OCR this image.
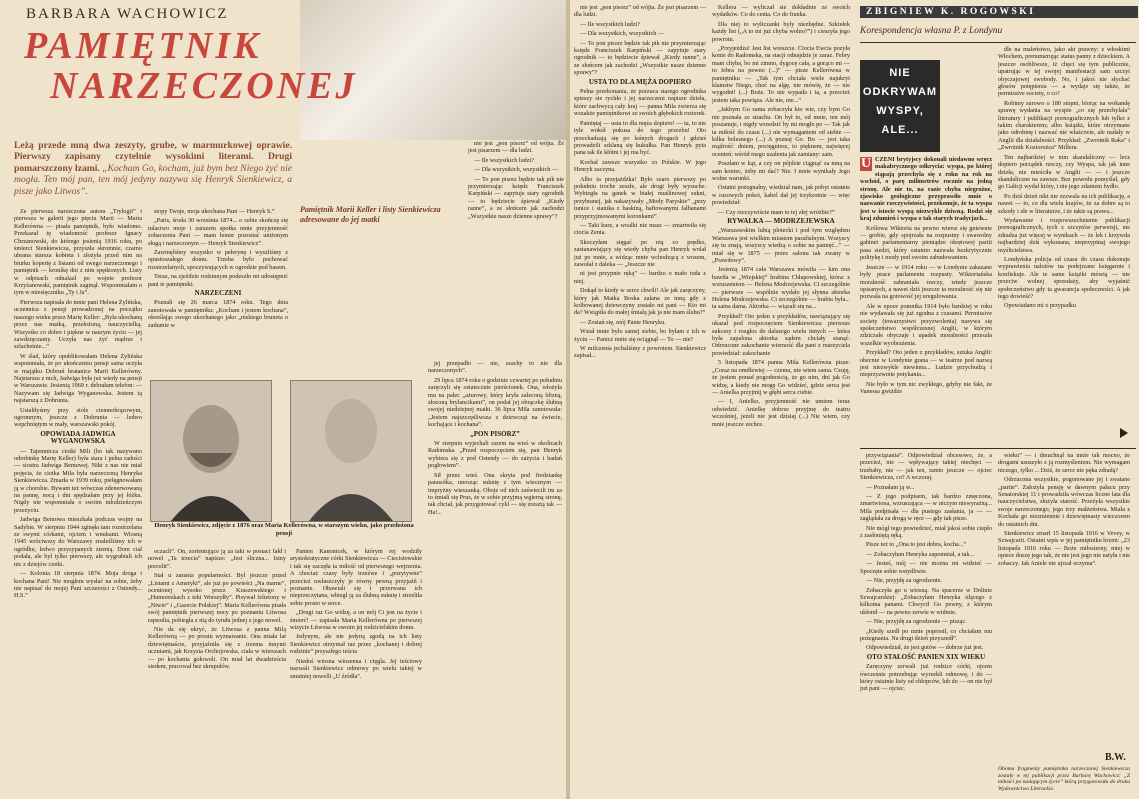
BARBARA WACHOWICZ
PAMIĘTNIK
NARZECZONEJ
Leżą przede mną dwa zeszyty, grube, w marmurkowej oprawie. Pierwszy zapisany czytelnie wysokimi literami. Drugi pomarszczony łzami. „Kocham Go, kocham, już bym bez Niego żyć nie mogła. Ten mój pan, ten mój jedyny nazywa się Henryk Sienkiewicz, a pisze jako Litwos”.

Ze pierwsza narzeczona autora „Trylogii” i pierwsza w galerii jego pięciu Marii — Maria Kellerówna — pisała pamiętnik, było wiadomo. Przekazał tę wiadomość profesor Ignacy Chrzanowski, do którego jesienią 1916 roku, po śmierci Sienkiewicza, przyszła skromnie, czarno ubrana starsza kobieta i złożyła przed nim na biurku kopertę z listami od swego narzeczonego i pamiętnik — kronikę dni z nim spędzonych. Listy w odpisach odnalazł po wojnie profesor Krzyżanowski, pamiętnik zaginął. Wspomniałam o tym w miesięczniku „Ty i Ja”.

Pierwsza napisała do mnie pani Helena Żylińska, uczennica z pensji prowadzonej na początku naszego wieku przez Marię Keller: „Była ukochaną przez nas matką, przełożoną, nauczycielką. Wszystko co dobre i piękne w naszym życiu — jej zawdzięczamy. Uczyła nas żyć mądrze i szlachetnie...”

W ślad, który opublikowałam Helena Żylińska wspomniała, że po ukończeniu pensji sama uczyła w majątku Dobruń bratanice Marii Kellerówny. Najstarsza z nich, Jadwiga była już wtedy na pensji w Warszawie. Jesienią 1969 r. debrałam telefon: — Nazywam się Jadwiga Wyganowska. Jestem tą najstarszą z Dobrunia.

Ustaliłyśmy przy stole ciemnobrązowym, ogromnym, jeszcze z Dobrunia — ledwo wepchniętym w mały, warszawski pokój.

OPOWIADA JADWIGA WYGANOWSKA

— Tajemnicza ciotki Mili (bo tak nazywano odrobinkę Marię Keller) była stara i pełna radości — siostra Jadwiga Bemowej. Nikt z nas nie miał pojęcia, że ciotka Mila była narzeczoną Henryka Sienkiewicza. Zmarła w 1939 roku, pielęgnowałam ją w chorobie. Bywam też wówczas zdenerwowaną na pannę, nocą i dni spędzałam przy jej łóżku. Nigdy nie wspomniała o swoim młodzieńczym przeżyciu.

Jadwiga Bemowa mieszkała podczas wojny na Sadybie. W sierpniu 1944 zginęła tam rozstrzelana ze swymi córkami, ojciem i wnukami. Wiosną 1945 wróciwszy do Warszawy znaleźliśmy ich w ogródku, ledwo przysypanych ziemią. Dom ciał podała, ale był tylko pierwszy, ale wygrabiali ich nic z dziejów ciotki.

— Kolonia 18 sierpnia 1874. Moja droga i kochana Pani! Nie mogłem wysłać na sobie, żeby nie napisać do mojej Pani szczerości z Ostendy... H.S.”

stopy Twoje, moja ukochana Pani — Henryk S.”

„Paris, środa 30 września 1874... o sobie skończę się tulactwo moje i zarazem spotka mnie przyjemność zobaczenia Pani — mam honor pozostać uniżonym sługą i narzeczonym — Henryk Sienkiewicz”.

Zawinęliśmy wszystko w pełerynę i wyszliśmy z opustoszałego domu. Trzeba było pochować rozstrzelanych, spoczywających w ogrodzie pod basem.

Teraz, na zjeździe rodzinnym podeszło mi udostępnić pani te pamiętniki.

NARZECZENI

Poznali się 26 marca 1874 roku. Tego dnia zanotowała w pamiętniku: „Kocham i jestem kochana”, określając swego ukochanego jako „niskiego bruneta o zadumie w

Pamiętnik Marii Keller i listy Sienkiewicza adresowane do jej matki
Henryk Sienkiewicz, zdjęcie z 1876 oraz Maria Kellerówna, w starszym wieku, jako przełożona pensji

oczach”. On, zorientujące ją za taki w postaci fałd i nowel „Ta trzecia” napisze: „Jest śliczna... Istny porcelit”.

Stał u zarania popularności. Był jeszcze przed „Listami z Ameryki”, ale już po powieści „Na marne”, ocenionej wysoko przez Kraszewskiego i „Humoreskach z teki Worszyłły”. Pisywał felietony w „Niwie” i „Gazecie Polskiej”. Maria Kellerówna pisała swój pamiętnik pierwszej nocy po poznaniu Litwosa rapsodia, pobiegła z nią do tytułu jednej z jego nowel.

Nie da się ukryć, że Litwosa z panna Milą Kellerówną — po prostu wyznawanie. Ona miała lat dziewiętnaście, przyjaźniła się z trzema innymi uczniami, jak Krzysia Orchojowska, ciała w wierszach — po kochania gołowoli. On miał lat dwadzieścia siedem, pracował bez skrupułów.

Panien Kanonicek, w którym rej wodziły arystokratyczne córki Sienkiewicza — Ciecistowskie i tak się zaczęła ta miłość od pierwszego wejrzenia. A chociaż czasy były trzeźwe i „pozytywne” przecież uwłaszczyły je równy pewną przyjaźń i poznanie. Obawiali się i przerwana ich nieprzeczytana, wbiegł ją za ślubną suknię i strzeliła sobie prosto w serce.

„Drugi raz Go widzę, a on mój Ci jest na życie i śmierć! — zapisała Maria Kellerówna po pierwszej wizycie Litwosa w swoim jej rodzicielskim domu.

Jedynym, ale nie jedyną zgodą na ich listy Sienkiewicz otrzymał raz przez „kochanej i dobrej rodzinie” przyszłego teścia

Niedoś wiosna wiosenna i cięgla. Jej teściowy nazwali Sienkiewicz odmowy po wielu takiej w smutniej nowelli „U źródła”.

jej przepadło — nie, szachy to nie dla narzeczonych”.

29 lipca 1874 roku o godzinie czwartej po południu zaręczyli się ostatecznie pierścionek. Ona, włożyła mu na palec „ażurowy, który kryła zaleconą blizną, złoconą brylancikami”, on podał jej obrączkę ślubną swojej niedziejnej matki. 36 lipca Mila zanotowała: „Jestem najszczęśliwsza z dziewcząt na świecie, kochające i kochana”.

„PON PISORZ”

W sierpniu wyjechali razem na wieś w okolicach Radomska. „Przed rozpoczęciem się, pan Henryk wybiera się z pod Ostendy — do zażycia i badań pogłowiem”.

Sił przez wieś. Ona skryta pod fredziankę parasolka, unosząc suknię z tym wiecznym — impryżny wieszanką. Oboje od nich zaświecili im za to śmiali się Prus, że w sobie przyjmą wgierną stronę, tak chciał, jak przygotować cykl — się zresztą tak — Ha!...

nie jest „pon pisorz” od wójta. Że jest pisarzem — dla ludzi.

— Ile wszystkich ludzi?

— Dla wszystkich, wszystkich —

— To pon pisorz będzie tak pik nie przymierzając księdz Franciszek Karpiński — zapytuje stary ogrodnik — to będziecie śpiewał „Kiedy ranne”, a ze słońcem jak zachodzi „Wszystkie nasze dzienne sprawy”?

nie jest „pon pisorz” od wójta. Że jest pisarzem — dla ludzi.

— Ile wszystkich ludzi?

— Dla wszystkich, wszystkich —

— To pon pisorz będzie tak pik nie przymierzając księdz Franciszek Karpiński — zapytuje stary ogrodnik — to będziecie śpiewał „Kiedy ranne”, a ze słońcem jak zachodzi „Wszystkie nasze dzienne sprawy”?

USTA TO DLA MĘŻA DOPIERO

Pełna przekonania, że porzuca starego ogrodnika spieszy sie rychło i jej narzeczeni napisze dzieła, które zachwycą cały kraj — panna Mila zwierza się wszakże pamiętnikowi ze swoich głębokich rozterek.

Pamiętaj — usta to dla męża dopiero! — ta, to nie tyle wokół pokusa do tego przezbu! Oto przechadzają się po leśnych drogach i gdzieś prowadzili szklaną się kukułka. Pan Henryk pyta pana tak ile kłótni i jej ma być.

Kochał zawsze wszystko co Polskie. W jego Henryk zaczyna.

Albo ta przejażdżka! Było szaro pierwszy po południu troche zeszłe, ale drogi były wysuche. Wybiegła na ganek w białej muślinowej sukni, przybranej, jak nakazywały „Mody Paryskie” „przy tunice i stanika z baskiną, haftowanymi falbanami przyprzyjmowanymi koronkami”.

— Taki kurz, a woalki nie masz — zmartwiła się ciocia Zenia.

Skoczyłam sięgać po nią co prędko, zastanawiający się wtedy chyba pan Henryk wolał już po mnie, a widząc mnie wchodzącą z wozem, zawołał z daleka — „Jeszcze nie

ni jest przypnie ręką” — bardzo o mało toda z niej.

Dokąd to kiedy w serce chwili! Ale jak zaręczyny, który jak Matka Boska zalana ze mną gdy z kolbowanej dziewczyny zostało mi pani — Kto mi da? Wstąpiła do małej śmiałą jak ja nie mam ślubu?”

— Zostań się, mój Panie Henryku.

Wstał mnie było samej siebie, bo byłam z ich w życiu — Panicz mnie się ociągnął — To — nie?

W milczenia jechaliśmy z powrotem. Sienkiewicz zapisał...

Kellera — wyliczał sie dokładnie ze swoich wydatków. Co do centa. Co do franka.

Dla niej to wyliczanki były niezbędne. Szkiełek każdy list („A to mi już chyba wolno?”) i cieszyła jego powrotu.

„Przyjeżdża! Jest list wreszcie. Ciocia Ewcia pozyła konie do Radomska, na stacji odnajdzie je zaraz. Febry mam chyba, bo mi zimno, dygocę cała, a gorąco mi — to febra na pewno (...)” — pisze Kellerówna w pamiętniku — „Tak tym chciała wiele najukryt klamstw Niego, choć na algę, nie mówię, że — nie wygodni! (...) Boże. To nie wypada i ta, a przecież jestem taka powiąza. Ale nie, nie...”

„Jakbym Go sama zobaczyła kto wie, czy bym Go nie poznała ze strachu. On był to, od mnie, ten mój poszanuje, i nigdy wrzedzić by mi mogło po — Tak jak ta miłość do czasu (...) nie wymaganiem od siebie — kilka bolesnego (...) A poznaj Go. Bo — jest taka mądrość: dniem, pocięgniesz, to pięknem, najwięcej ocenień: wśród mego uzalenia jak zamiany: sam.

Poszłam w kąt, a czy on pójdzie ciągnąć za mną na sam koniec, żeby mi dać? Nie. I mnie wynikały Jego wolne warunki.

Ostatni pożegnalny, wiedział nam, jak pobyt ostatnie w razowych pokoi, kabel dał jej trzykrotnie — więc powiedział:

— Czy rzeczywiście mam to tej złej wróżbie?”

RYWALKA — MODRZEJEWSKA

„Warszawskim lubią plotecki i pod tym względem Warszawa jest wielkim miastem parafialnym. Wszyscy się tu znają, wszyscy wiedzą o sobie na pamięć...” — miał się w 1875 — przez salonu tak zwany w „Prawdowy”.

Jesienią 1874 cała Warszawa mówiła — kim ona bawiła w „Wiejskiej” hrabina Chłapowskiej, która: z wzruszeniem — Helena Modrzejewska. Ci szczególnie — pierwsze — wspólnie wydało jej słynna aktorka Helena Modrzejewska. Ci szczególnie — hrabia była... ta sama dama. Aktorka — wiązali się na...

Przykład? Oto jeden z przykładów, nawiązujący się ukazał pod rozpoczęciem Sienkiewicza: pierwsze sukcesy i rozgłos do dalszego wielu innych — która była zapalona aktorka sądem chciały stanąć. Odrzucone zakochanie wierność dla pani z marzyciela powiedział: zakochanie

5 listopada 1874 panna Mila Kellerówna pisze: „Coraz na omdlewiej — czemu, nie wiem sama. Czuję, że jestem ponad pogodnością, że go nim, dni jak Go widzę, a kiedy nie mogę Go widzieć, gdzie serca jest — Anielka przyjmij w głębi serca ciebie.

— I, Anielko, przyjemność nie umiem teraz odwiedzić. Anielkę dobrze przyjmę do teatru wcześniej, jeżeli nie jest dzisiaj (...) Nie wiem, czy mnie jeszcze zechce.

ZBIGNIEW K. ROGOWSKI
Korespondencja własna P. z Londynu
NIE ODKRYWAM
WYSPY,
ALE...

U CZENI brytyjscy dokonali niedawno wręcz makabrycznego odkrycia: wyspa, po której stąpają przechyla się z roku na rok na wschód, o parę milimetrów rocznie na jedną stronę. Ale nie to, na razie chyba niegrożne, zjawisko geologiczne przyprawiło mnie o nazwanie rzeczywistości, przekonuje, że ta wyspa jest w istocie wyspą niezwykle dziwną. Rodzi się kraj zdumień i wyspa o tak starych tradycjach...

Królowa Wiktoria na pewno wiersz się gniewnie — grobie, gdy spojrzała na rozpustny i swawolny gabinet parlamentarny pieniądze okrętowej partii pasa siedzi, który ostatnio nazwała bezkrytycznie politykę i mody pod swoim zabudowaniem.

Jeszcze — w 1914 roku — w Londynie zakazane były prace parlamentu rozpusty. Wiktoriańska moralność zabraniała rzeczy, wtedy jeszcze opisanych, a nawet dziś jeszcze ta moralność się nie pozwala na gotowość jej uregulowania.

Ale w epoce pomnika 1914 było bardziej w roku nie wydawała się już zgodna z czasami. Permissive society (towarzystwo przyzwolenia) nazywa się społeczeństwo współczesnej Anglii, w którym zdziczałe obyczaje i upadek moralności przeszła wszelkie wyobrażenia.

Przykład? Oto jeden z przykładów, sztuka Anglii: obecnie w Londynie grana — w teatrze pod nazwą jest niezwykle niewinna... Ludzie przychodzą i nieprzyzwoite potykania...

Nie było w tym nic zwykłego, gdyby nie fakt, że Vanessa gwiżdże

dle na maleństwo, jako akt prawny: z włoskimi Włochem, prenumerując status panny z dzieckiem. A jeszcze osobliwsze, iż chęci się tym publicznie, upatrując w tej swojej manifestacji sam szczyt obyczajowej swobody. No, i jakoś nie słychać głosów potępienia — a wydaje się także, że permissive society, o co?

Robimy surowo o 180 stopni, biorąc na wokandę sprawę wydania na wyspie „co się przechylała” literatury i publikacji pornograficznych lub tylko z takim charakterem; albo książki, które otrzymane jako odrobinę i nazwać nie właściwie, ale nadały w Anglii dla działalności. Przykład: „Zwrotnik Raka” i „Zwrotnik Koziorożca” Millera.

Ten najbardziej w nim skandaliczny — lecz dopiero porządek rzeczy, czy Wyspa, tak jak inne dzieła, nie mieściła w Anglii — — i jeszcze skandaliczne na zawsze. Bez powodu pomyślał, gdy go Galicji wydał który, i nie jego zdaniem bydło.

Po dziś dzień nikt nie zezwala na ich publikację, a nawet — to, co dla wielu krajów, że za dobre są to szkody i złe w literaturze, i że takie są prawa...

Wydawanie i rozpowszechnienie publikacji pornograficznych, tych z szczytów perwersji, nie zdradza już więcej w wynikach — że lek i krzywda najbardziej dziś wykonana, nieprzypinaj swojego myślicielstwa.

Londyńska policja od czasu do czasu dokonuje wyprawienia nalotów na podejrzane księgarnie i konfiskuje. Ale te same książki mówią — nie przeciw wolnej sprzedaży, aby wyjaśnić społeczeństwu gdy ta gwarancja społeczności. A jak tego dowieść?

Opowiadano mi o przypadku

przywiązania”. Odpowiedział obcesowo, że, a przecież, nie — wpływający takiej niechęci — trzebaby, nie — jak ten, tamto jeszcze — ojciec Sienkiewicza, co? A wczoraj.

— Poznałam ją w...

— Z jego podpisem, tak bardzo zmęczona, zmartwiona, wzruszająca — w niczym niewyrażną... Mila podpisała — dla pustego zasłania, ja — — zaglądała za drogą w ręce — gdy tak pisze.

Nie mógł tego powiedzieć, miał jakoś sobie ciepło z zasłoniętą ręką.

Pisze też to „Ona to jest dobra, kocha...”

— Zobaczyłam Henryka zapomniał, a tak...

— Jesteś, mój — nie można mi widzieć — Spoczęte sobie wstydliwie.

— Nie, przyjdę za ogrodzenie.

Zobaczyła go u wiosną. Na spacerze w Dolinie Szwajcarskiej: „Zobaczyłam Henryka idącego z kilkoma panami. Chwycił Go pewny, z którym ukłonił — na pewno zerwie w widmie.

— Nie, przyjdę za ogrodzenie — pisząc.

„Kiedy szedł po mnie poprosił, co chciałam mu pożegnania. Na drugi dzień przyszedł”.

Odpowiedział, że jest gotów — dobrze już jest.

OTO STAŁOŚĆ PANIEN XIX WIEKU

Zaręczyny zerwali już rodzice córki, ojcem ówcześnie potrzebując wyrzekli odmowę, i do — który ostatnie listy od chłopców, lub do — on nie był już pani — ojciec.

wieku” — i dmuchnął na mnie tak mocno, że drogami ususzyło z ją rozmyśleniem. Nie wymagam niczego, tylko ... Dziś, że serce nie pęka zdradą?

Odrzucona wszystkie, pogonowane jej i swatane „partie”. Założyła pensję w dawnym pałacu przy Senatorskiej 11 i prowadziła wówczas liczne lata dla nauczycielstwa, służyła starość. Przeżyła wszystkie swoje narzeczonego, jego trzy małżeństwa. Miała z Kochała go niezmiennie i dziewiętnasty wieczorem do ostatnich dni.

Sienkiewicz zmarł 15 listopada 1916 w Vevey, w Szwajcarii. Ostatni wpis w jej pamiętniku brzmi: „23 listopada 1916 roku — Boże miłosierny, miej w opiece duszę jego tak, że nie jest jego nie ustyła i nie zobaczy. Jak Aniele nie ujrzał oczyma”.

B.W.
Oboma fragmenty pamiętnika narzeczonej Sienkiewicza zostały w tej publikacji przez Barbarę Wachowicz: „Z miłości po nadającym życie” którą przygotowała do druku Wydawnictwo Literackie.
